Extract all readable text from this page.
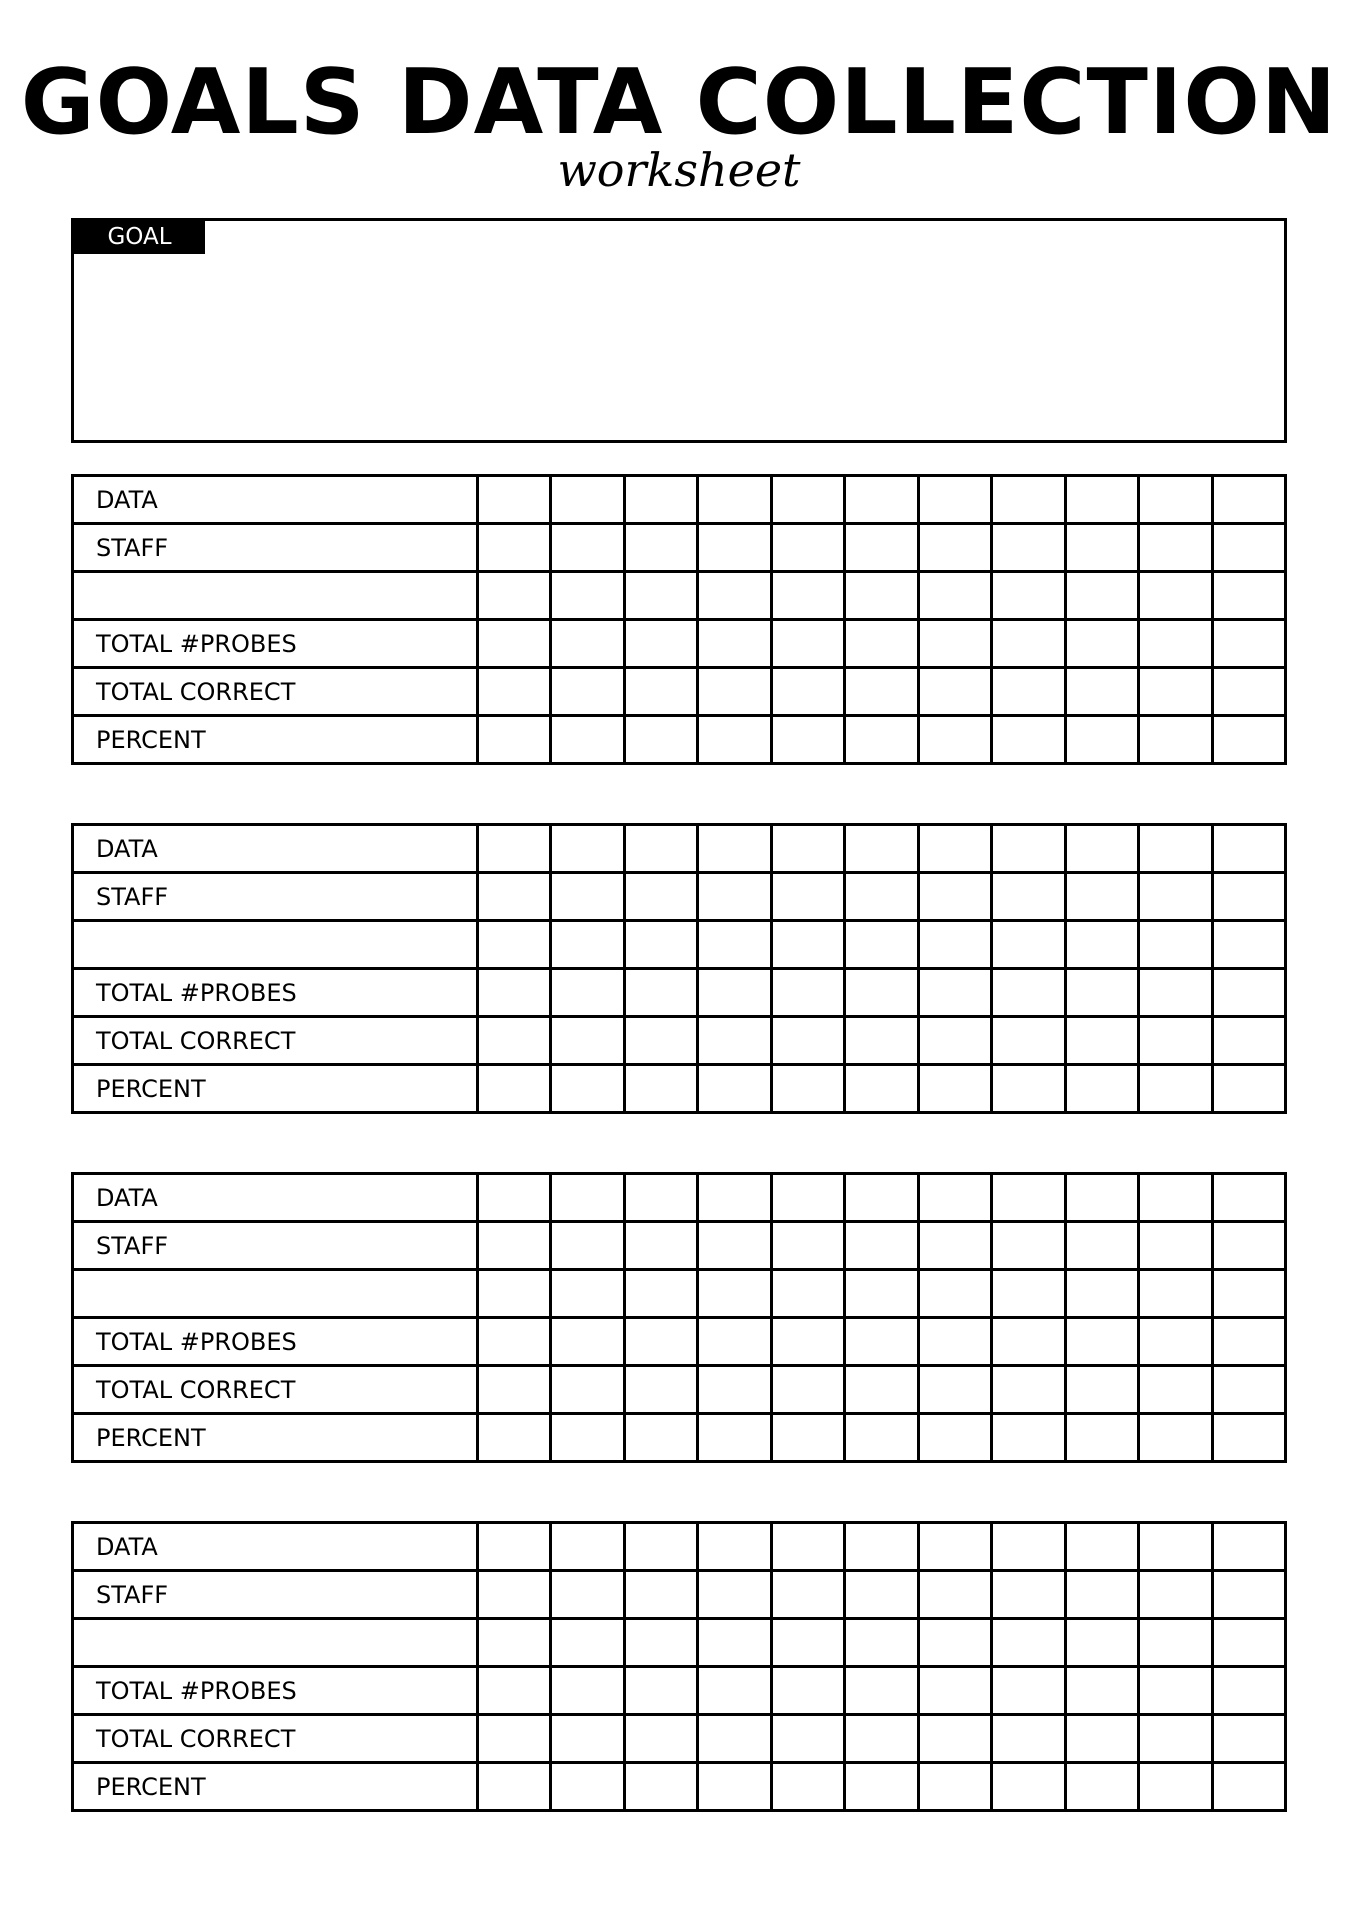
GOALS DATA COLLECTION
worksheet
GOAL
DATA											
STAFF											

TOTAL #PROBES											
TOTAL CORRECT											
PERCENT											
DATA											
STAFF											

TOTAL #PROBES											
TOTAL CORRECT											
PERCENT											
DATA											
STAFF											

TOTAL #PROBES											
TOTAL CORRECT											
PERCENT											
DATA											
STAFF											

TOTAL #PROBES											
TOTAL CORRECT											
PERCENT											
